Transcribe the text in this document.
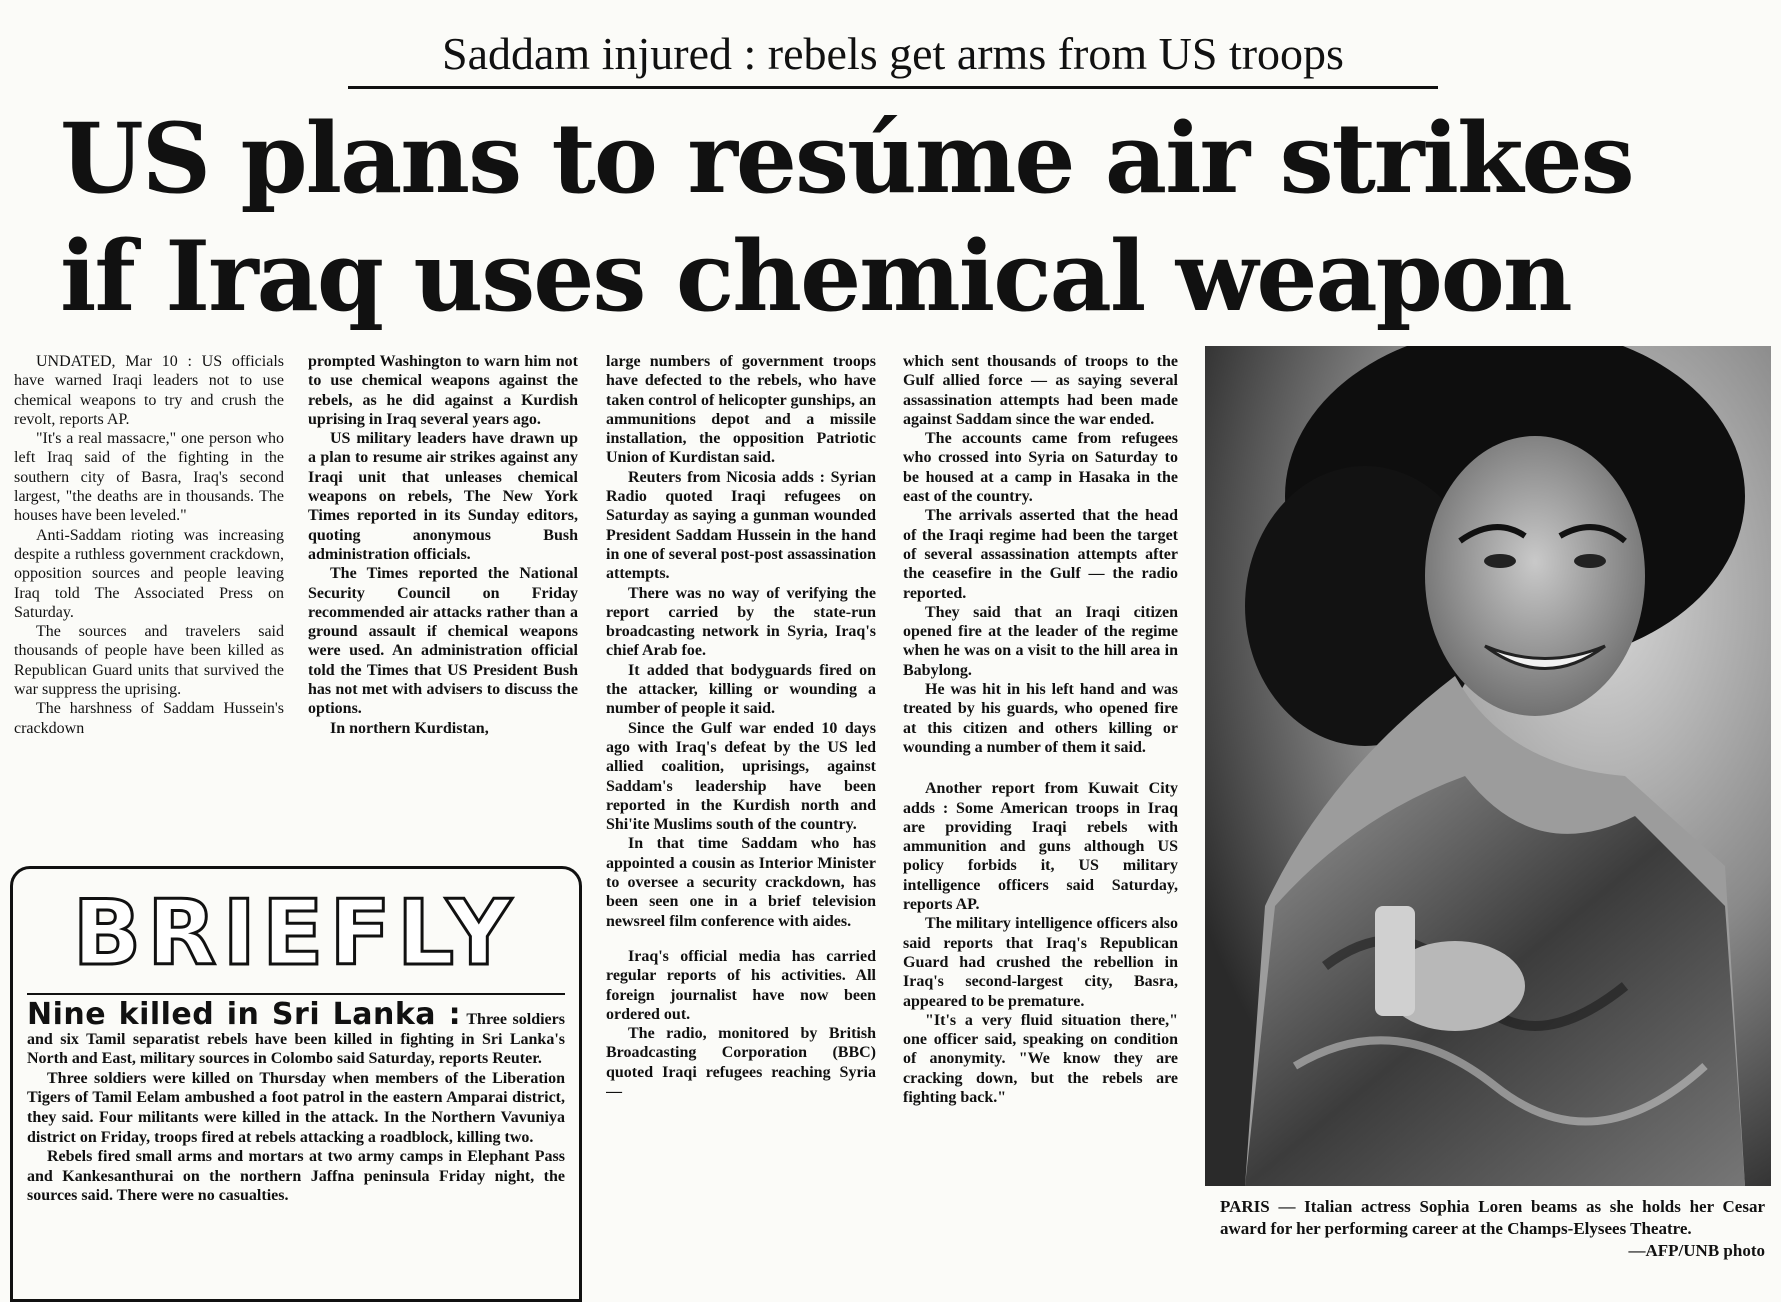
Saddam injured : rebels get arms from US troops
US plans to resúme air strikes
if Iraq uses chemical weapon

UNDATED, Mar 10 : US officials have warned Iraqi leaders not to use chemical weapons to try and crush the revolt, reports AP.

"It's a real massacre," one person who left Iraq said of the fighting in the southern city of Basra, Iraq's second largest, "the deaths are in thousands. The houses have been leveled."

Anti-Saddam rioting was increasing despite a ruthless government crackdown, opposition sources and people leaving Iraq told The Associated Press on Saturday.

The sources and travelers said thousands of people have been killed as Republican Guard units that survived the war suppress the uprising.

The harshness of Saddam Hussein's crackdown

prompted Washington to warn him not to use chemical weapons against the rebels, as he did against a Kurdish uprising in Iraq several years ago.

US military leaders have drawn up a plan to resume air strikes against any Iraqi unit that unleases chemical weapons on rebels, The New York Times reported in its Sunday editors, quoting anonymous Bush administration officials.

The Times reported the National Security Council on Friday recommended air attacks rather than a ground assault if chemical weapons were used. An administration official told the Times that US President Bush has not met with advisers to discuss the options.

In northern Kurdistan,

large numbers of government troops have defected to the rebels, who have taken control of helicopter gunships, an ammunitions depot and a missile installation, the opposition Patriotic Union of Kurdistan said.

Reuters from Nicosia adds : Syrian Radio quoted Iraqi refugees on Saturday as saying a gunman wounded President Saddam Hussein in the hand in one of several post-post assassination attempts.

There was no way of verifying the report carried by the state-run broadcasting network in Syria, Iraq's chief Arab foe.

It added that bodyguards fired on the attacker, killing or wounding a number of people it said.

Since the Gulf war ended 10 days ago with Iraq's defeat by the US led allied coalition, uprisings, against Saddam's leadership have been reported in the Kurdish north and Shi'ite Muslims south of the country.

In that time Saddam who has appointed a cousin as Interior Minister to oversee a security crackdown, has been seen one in a brief television newsreel film conference with aides.

Iraq's official media has carried regular reports of his activities. All foreign journalist have now been ordered out.

The radio, monitored by British Broadcasting Corporation (BBC) quoted Iraqi refugees reaching Syria —

which sent thousands of troops to the Gulf allied force — as saying several assassination attempts had been made against Saddam since the war ended.

The accounts came from refugees who crossed into Syria on Saturday to be housed at a camp in Hasaka in the east of the country.

The arrivals asserted that the head of the Iraqi regime had been the target of several assassination attempts after the ceasefire in the Gulf — the radio reported.

They said that an Iraqi citizen opened fire at the leader of the regime when he was on a visit to the hill area in Babylong.

He was hit in his left hand and was treated by his guards, who opened fire at this citizen and others killing or wounding a number of them it said.

Another report from Kuwait City adds : Some American troops in Iraq are providing Iraqi rebels with ammunition and guns although US policy forbids it, US military intelligence officers said Saturday, reports AP.

The military intelligence officers also said reports that Iraq's Republican Guard had crushed the rebellion in Iraq's second-largest city, Basra, appeared to be premature.

"It's a very fluid situation there," one officer said, speaking on condition of anonymity. "We know they are cracking down, but the rebels are fighting back."

BRIEFLY

Nine killed in Sri Lanka : Three soldiers and six Tamil separatist rebels have been killed in fighting in Sri Lanka's North and East, military sources in Colombo said Saturday, reports Reuter.

Three soldiers were killed on Thursday when members of the Liberation Tigers of Tamil Eelam ambushed a foot patrol in the eastern Amparai district, they said. Four militants were killed in the attack. In the Northern Vavuniya district on Friday, troops fired at rebels attacking a roadblock, killing two.

Rebels fired small arms and mortars at two army camps in Elephant Pass and Kankesanthurai on the northern Jaffna peninsula Friday night, the sources said. There were no casualties.

PARIS — Italian actress Sophia Loren beams as she holds her Cesar award for her performing career at the Champs-Elysees Theatre.
—AFP/UNB photo
